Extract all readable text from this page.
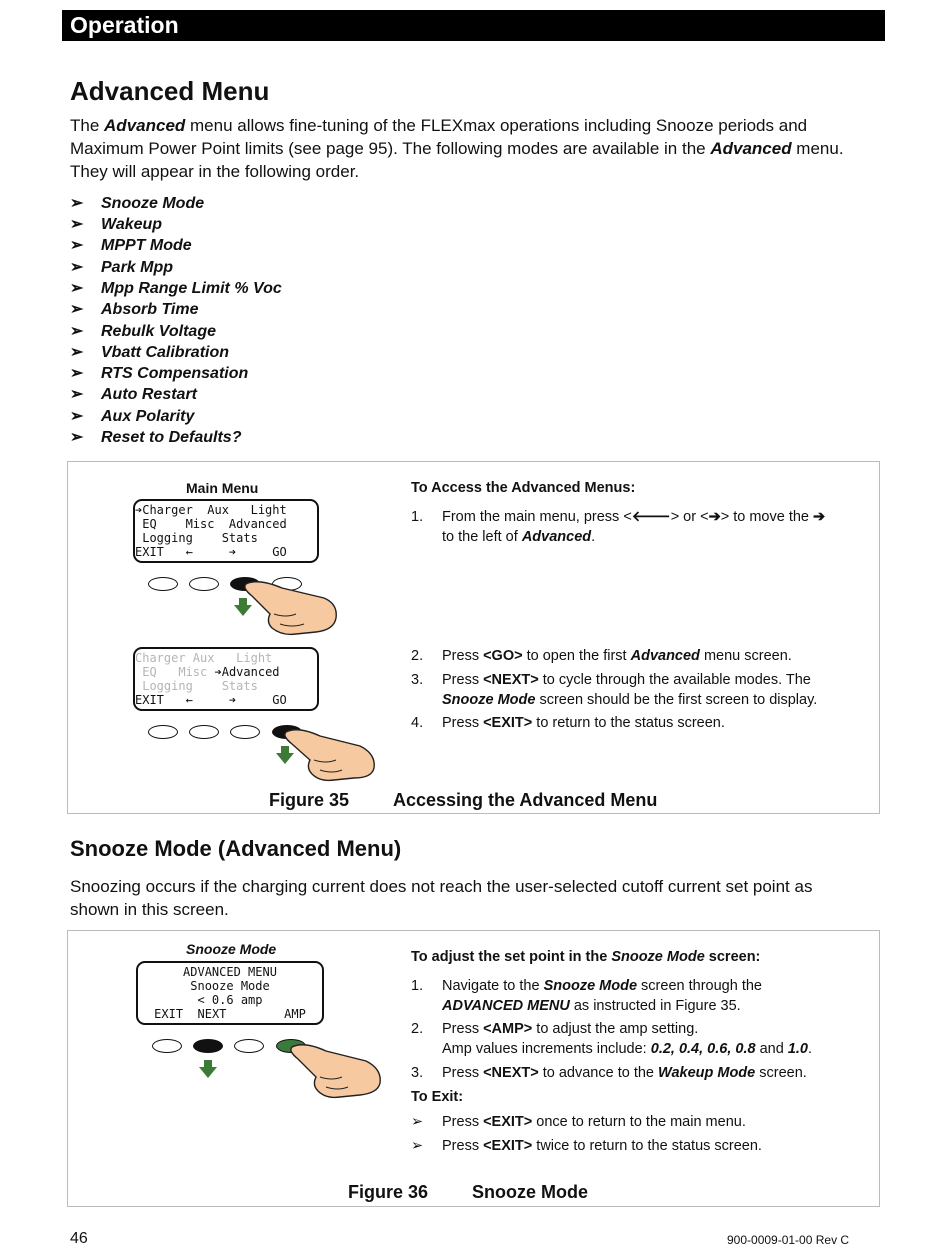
Operation
Advanced Menu
The Advanced menu allows fine-tuning of the FLEXmax operations including Snooze periods and
Maximum Power Point limits (see page 95). The following modes are available in the Advanced menu.
They will appear in the following order.
➢ Snooze Mode
➢ Wakeup
➢ MPPT Mode
➢ Park Mpp
➢ Mpp Range Limit % Voc
➢ Absorb Time
➢ Rebulk Voltage
➢ Vbatt Calibration
➢ RTS Compensation
➢ Auto Restart
➢ Aux Polarity
➢ Reset to Defaults?
Main Menu
➔Charger  Aux   Light
EQ    Misc  Advanced
Logging    Stats
EXIT   ←     ➔     GO
Charger Aux   Light
EQ   Misc ➔Advanced
Logging    Stats
EXIT   ←     ➔     GO
To Access the Advanced Menus:
1. From the main menu, press <🡐> or <➔> to move the ➔
to the left of Advanced.
2. Press <GO> to open the first Advanced menu screen.
3. Press <NEXT> to cycle through the available modes. The
Snooze Mode screen should be the first screen to display.
4. Press <EXIT> to return to the status screen.
Figure 35 Accessing the Advanced Menu
Snooze Mode (Advanced Menu)
Snoozing occurs if the charging current does not reach the user-selected cutoff current set point as
shown in this screen.
Snooze Mode
ADVANCED MENU
Snooze Mode
< 0.6 amp
EXIT  NEXT        AMP
To adjust the set point in the Snooze Mode screen:
1. Navigate to the Snooze Mode screen through the
ADVANCED MENU as instructed in Figure 35.
2. Press <AMP> to adjust the amp setting.
Amp values increments include: 0.2, 0.4, 0.6, 0.8 and 1.0.
3. Press <NEXT> to advance to the Wakeup Mode screen.
To Exit:
➢ Press <EXIT> once to return to the main menu.
➢ Press <EXIT> twice to return to the status screen.
Figure 36 Snooze Mode
46	900-0009-01-00 Rev C
